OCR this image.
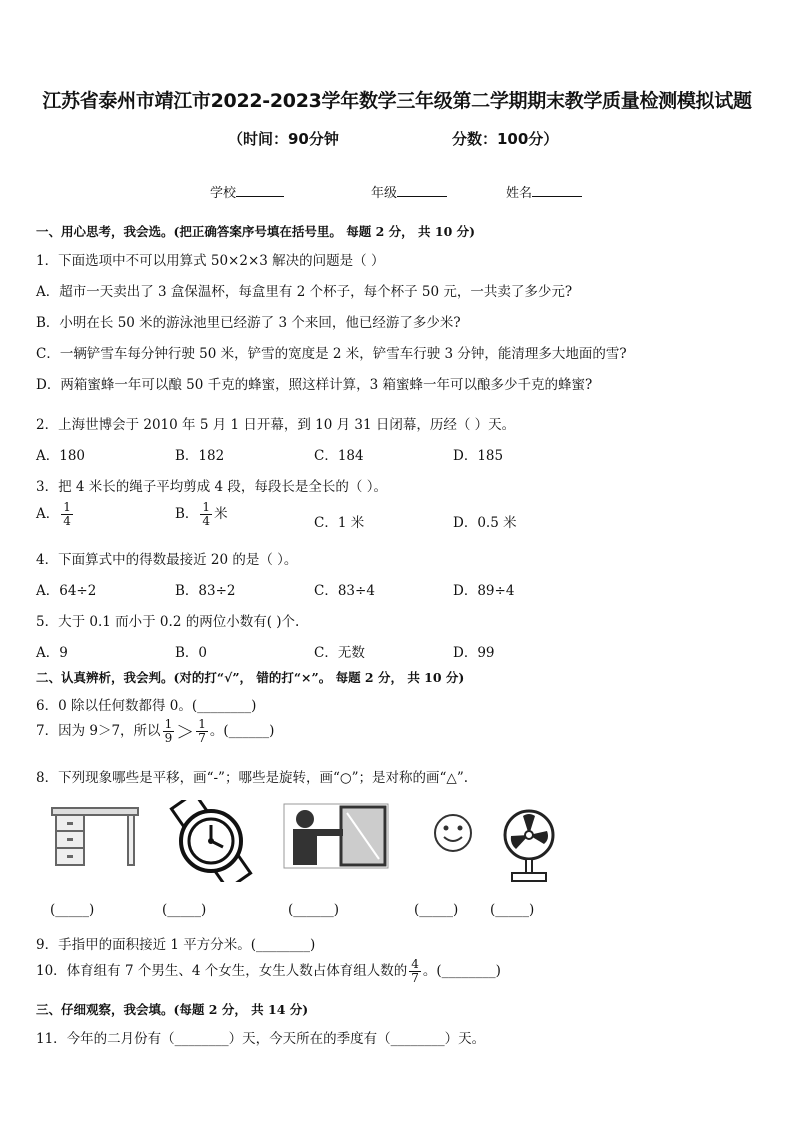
江苏省泰州市靖江市2022-2023学年数学三年级第二学期期末教学质量检测模拟试题
（时间：90分钟	分数：100分）
学校	年级	姓名
一、用心思考，我会选。(把正确答案序号填在括号里。 每题 2 分， 共 10 分)
1．下面选项中不可以用算式 50×2×3 解决的问题是（ ）
A．超市一天卖出了 3 盒保温杯，每盒里有 2 个杯子，每个杯子 50 元，一共卖了多少元?
B．小明在长 50 米的游泳池里已经游了 3 个来回，他已经游了多少米?
C．一辆铲雪车每分钟行驶 50 米，铲雪的宽度是 2 米，铲雪车行驶 3 分钟，能清理多大地面的雪?
D．两箱蜜蜂一年可以酿 50 千克的蜂蜜，照这样计算，3 箱蜜蜂一年可以酿多少千克的蜂蜜?
2．上海世博会于 2010 年 5 月 1 日开幕，到 10 月 31 日闭幕，历经（ ）天。
A．180	B．182	C．184	D．185
3．把 4 米长的绳子平均剪成 4 段，每段长是全长的（ ）。
A． $\frac{1}{4}$	B． $\frac{1}{4}$ 米
C．1 米	D．0.5 米
4．下面算式中的得数最接近 20 的是（ ）。
A．64÷2	B．83÷2	C．83÷4	D．89÷4
5．大于 0.1 而小于 0.2 的两位小数有( )个.
A．9	B．0	C．无数	D．99
二、认真辨析，我会判。(对的打“√”， 错的打“×”。 每题 2 分， 共 10 分)
6．0 除以任何数都得 0。(________)
7．因为 9＞7，所以 $\frac{1}{9} > \frac{1}{7}$ 。(______)
8．下列现象哪些是平移，画“-”；哪些是旋转，画“○”；是对称的画“△”.
(_____)	(_____)	(______)	(_____) (_____)
9．手指甲的面积接近 1 平方分米。(________)
10．体育组有 7 个男生、4 个女生，女生人数占体育组人数的 $\frac{4}{7}$ 。(________)
三、仔细观察，我会填。(每题 2 分， 共 14 分)
11．今年的二月份有（________）天，今天所在的季度有（________）天。
